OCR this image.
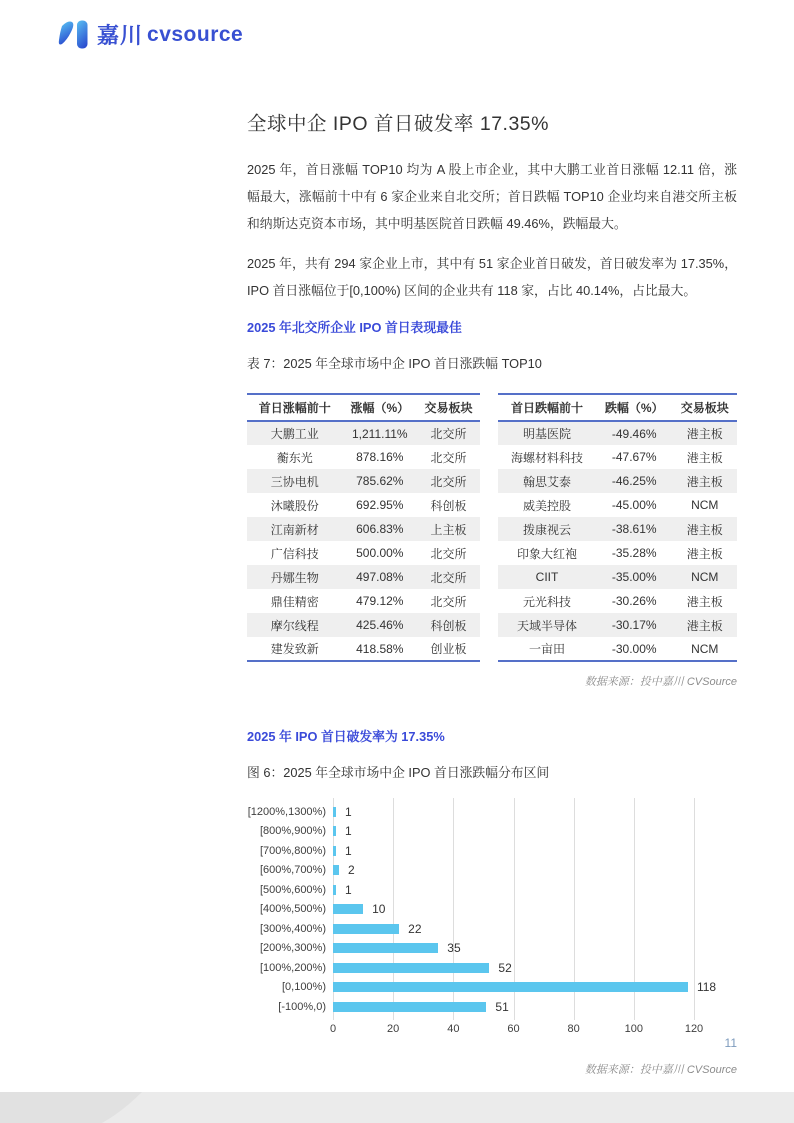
嘉川 cvsource
全球中企 IPO 首日破发率 17.35%

2025 年，首日涨幅 TOP10 均为 A 股上市企业，其中大鹏工业首日涨幅 12.11 倍，涨幅最大，涨幅前十中有 6 家企业来自北交所；首日跌幅 TOP10 企业均来自港交所主板和纳斯达克资本市场，其中明基医院首日跌幅 49.46%，跌幅最大。

2025 年，共有 294 家企业上市，其中有 51 家企业首日破发，首日破发率为 17.35%，IPO 首日涨幅位于[0,100%) 区间的企业共有 118 家，占比 40.14%，占比最大。

2025 年北交所企业 IPO 首日表现最佳
表 7：2025 年全球市场中企 IPO 首日涨跌幅 TOP10
首日涨幅前十	涨幅（%）	交易板块
大鹏工业	1,211.11%	北交所
蘅东光	878.16%	北交所
三协电机	785.62%	北交所
沐曦股份	692.95%	科创板
江南新材	606.83%	上主板
广信科技	500.00%	北交所
丹娜生物	497.08%	北交所
鼎佳精密	479.12%	北交所
摩尔线程	425.46%	科创板
建发致新	418.58%	创业板
首日跌幅前十	跌幅（%）	交易板块
明基医院	-49.46%	港主板
海螺材料科技	-47.67%	港主板
翰思艾泰	-46.25%	港主板
威美控股	-45.00%	NCM
拨康视云	-38.61%	港主板
印象大红袍	-35.28%	港主板
CIIT	-35.00%	NCM
元光科技	-30.26%	港主板
天域半导体	-30.17%	港主板
一亩田	-30.00%	NCM
数据来源：投中嘉川 CVSource
2025 年 IPO 首日破发率为 17.35%
图 6：2025 年全球市场中企 IPO 首日涨跌幅分布区间
[1200%,1300%)	1
[800%,900%)	1
[700%,800%)	1
[600%,700%)	2
[500%,600%)	1
[400%,500%)	10
[300%,400%)	22
[200%,300%)	35
[100%,200%)	52
[0,100%)	118
[-100%,0)	51
0	20	40	60	80	100	120
数据来源：投中嘉川 CVSource
11
